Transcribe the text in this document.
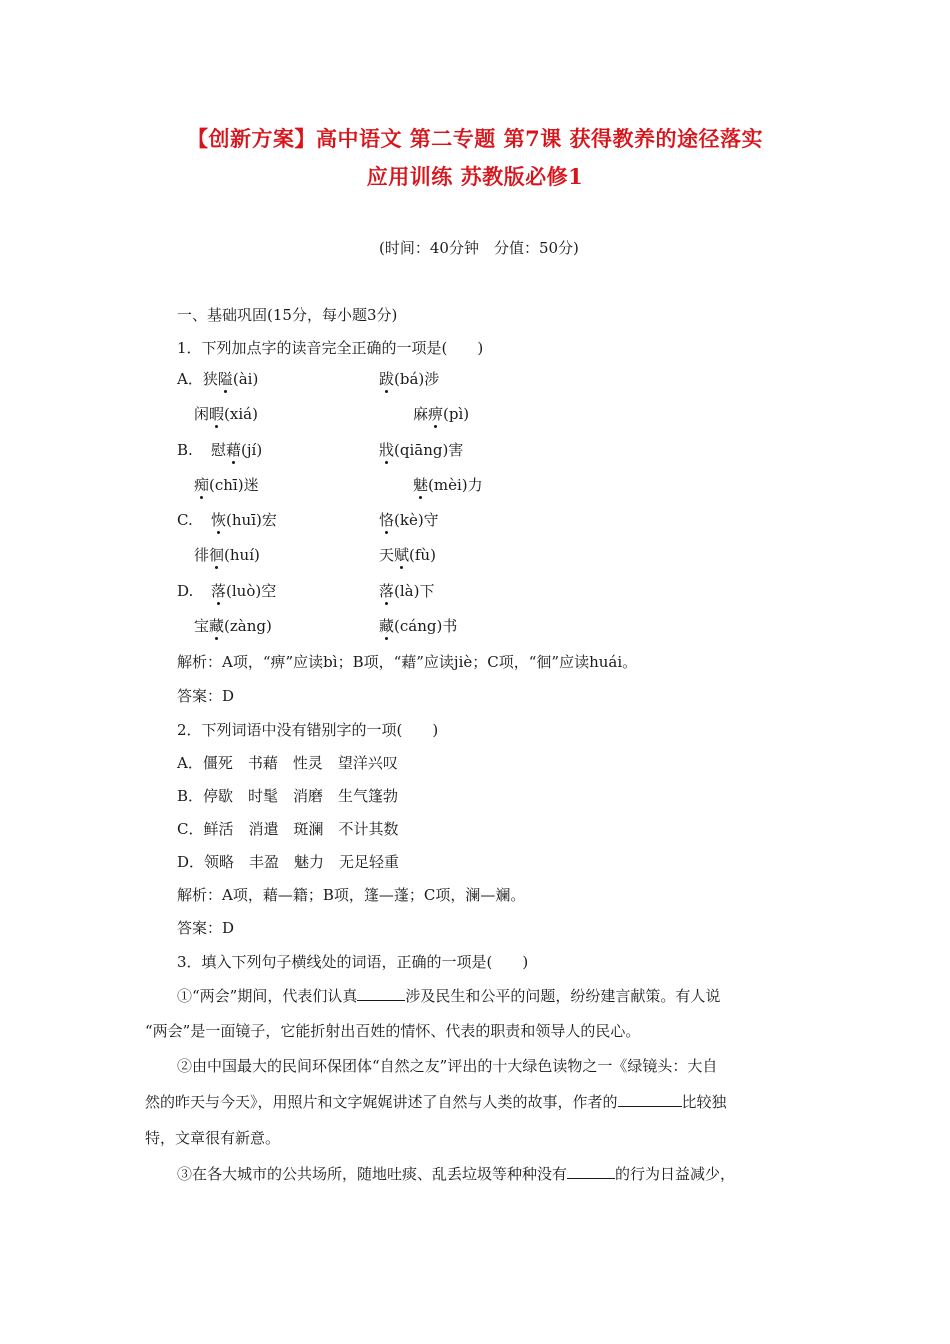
【创新方案】高中语文 第二专题 第7课 获得教养的途径落实
应用训练 苏教版必修1
(时间：40分钟　分值：50分)
一、基础巩固(15分，每小题3分)
1．下列加点字的读音完全正确的一项是(　　)
A．狭隘(ài)	跋(bá)涉
闲暇(xiá)	麻痹(pì)
B. 慰藉(jí)	戕(qiāng)害
痴(chī)迷	魅(mèi)力
C. 恢(huī)宏	恪(kè)守
徘徊(huí)	天赋(fù)
D. 落(luò)空	落(là)下
宝藏(zàng)	藏(cáng)书
解析：A项，“痹”应读bì；B项，“藉”应读jiè；C项，“徊”应读huái。
答案：D
2．下列词语中没有错别字的一项(　　)
A．僵死　书藉　性灵　望洋兴叹
B．停歇　时髦　消磨　生气篷勃
C．鲜活　消遣　斑澜　不计其数
D．领略　丰盈　魅力　无足轻重
解析：A项，藉—籍；B项，篷—蓬；C项，澜—斓。
答案：D
3．填入下列句子横线处的词语，正确的一项是(　　)
①“两会”期间，代表们认真	涉及民生和公平的问题，纷纷建言献策。有人说
“两会”是一面镜子，它能折射出百姓的情怀、代表的职责和领导人的民心。
②由中国最大的民间环保团体“自然之友”评出的十大绿色读物之一《绿镜头：大自
然的昨天与今天》，用照片和文字娓娓讲述了自然与人类的故事，作者的	比较独
特，文章很有新意。
③在各大城市的公共场所，随地吐痰、乱丢垃圾等种种没有	的行为日益减少，
